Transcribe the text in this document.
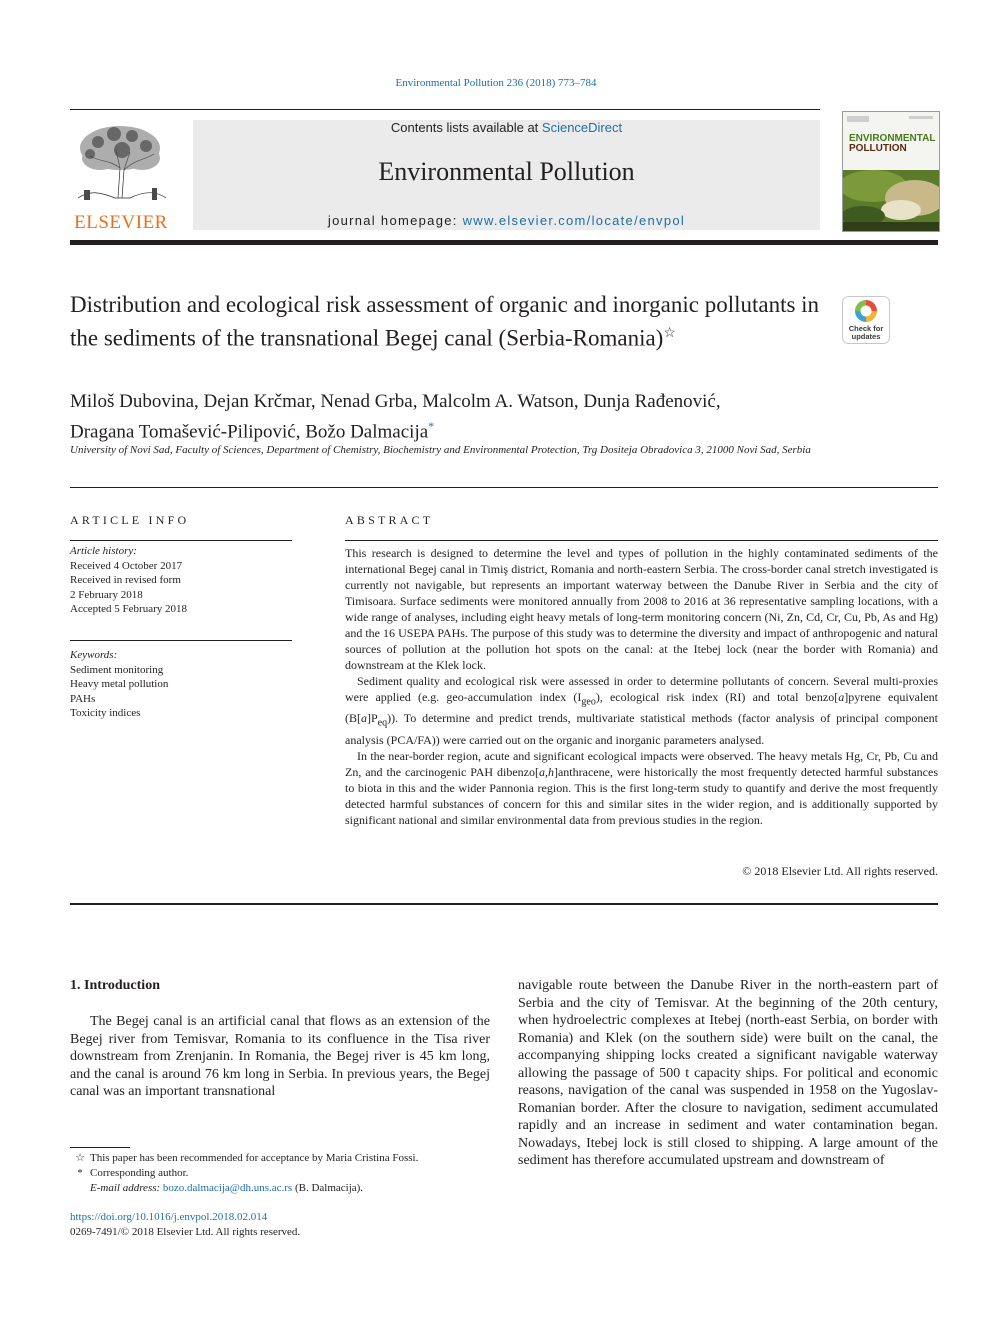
Environmental Pollution 236 (2018) 773–784
ELSEVIER
Contents lists available at ScienceDirect
Environmental Pollution
journal homepage: www.elsevier.com/locate/envpol
ENVIRONMENTAL
POLLUTION
Distribution and ecological risk assessment of organic and inorganic pollutants in the sediments of the transnational Begej canal (Serbia-Romania)☆	Check for
updates
Miloš Dubovina, Dejan Krčmar, Nenad Grba, Malcolm A. Watson, Dunja Rađenović,
Dragana Tomašević-Pilipović, Božo Dalmacija*
University of Novi Sad, Faculty of Sciences, Department of Chemistry, Biochemistry and Environmental Protection, Trg Dositeja Obradovica 3, 21000 Novi Sad, Serbia
ARTICLE INFO
Article history:
Received 4 October 2017
Received in revised form
2 February 2018
Accepted 5 February 2018
Keywords:
Sediment monitoring
Heavy metal pollution
PAHs
Toxicity indices
ABSTRACT

This research is designed to determine the level and types of pollution in the highly contaminated sediments of the international Begej canal in Timiş district, Romania and north-eastern Serbia. The cross-border canal stretch investigated is currently not navigable, but represents an important waterway between the Danube River in Serbia and the city of Timisoara. Surface sediments were monitored annually from 2008 to 2016 at 36 representative sampling locations, with a wide range of analyses, including eight heavy metals of long-term monitoring concern (Ni, Zn, Cd, Cr, Cu, Pb, As and Hg) and the 16 USEPA PAHs. The purpose of this study was to determine the diversity and impact of anthropogenic and natural sources of pollution at the pollution hot spots on the canal: at the Itebej lock (near the border with Romania) and downstream at the Klek lock.

Sediment quality and ecological risk were assessed in order to determine pollutants of concern. Several multi-proxies were applied (e.g. geo-accumulation index $(I_{geo})$, ecological risk index (RI) and total benzo[a]pyrene equivalent $(B[a]P_{eq})$). To determine and predict trends, multivariate statistical methods (factor analysis of principal component analysis (PCA/FA)) were carried out on the organic and inorganic parameters analysed.

In the near-border region, acute and significant ecological impacts were observed. The heavy metals Hg, Cr, Pb, Cu and Zn, and the carcinogenic PAH dibenzo[a,h]anthracene, were historically the most frequently detected harmful substances to biota in this and the wider Pannonia region. This is the first long-term study to quantify and derive the most frequently detected harmful substances of concern for this and similar sites in the wider region, and is additionally supported by significant national and similar environmental data from previous studies in the region.

© 2018 Elsevier Ltd. All rights reserved.
1. Introduction
The Begej canal is an artificial canal that flows as an extension of the Begej river from Temisvar, Romania to its confluence in the Tisa river downstream from Zrenjanin. In Romania, the Begej river is 45 km long, and the canal is around 76 km long in Serbia. In previous years, the Begej canal was an important transnational
navigable route between the Danube River in the north-eastern part of Serbia and the city of Temisvar. At the beginning of the 20th century, when hydroelectric complexes at Itebej (north-east Serbia, on border with Romania) and Klek (on the southern side) were built on the canal, the accompanying shipping locks created a significant navigable waterway allowing the passage of 500 t capacity ships. For political and economic reasons, navigation of the canal was suspended in 1958 on the Yugoslav-Romanian border. After the closure to navigation, sediment accumulated rapidly and an increase in sediment and water contamination began. Nowadays, Itebej lock is still closed to shipping. A large amount of the sediment has therefore accumulated upstream and downstream of
☆ This paper has been recommended for acceptance by Maria Cristina Fossi.
* Corresponding author.
E-mail address: bozo.dalmacija@dh.uns.ac.rs (B. Dalmacija).
https://doi.org/10.1016/j.envpol.2018.02.014
0269-7491/© 2018 Elsevier Ltd. All rights reserved.
